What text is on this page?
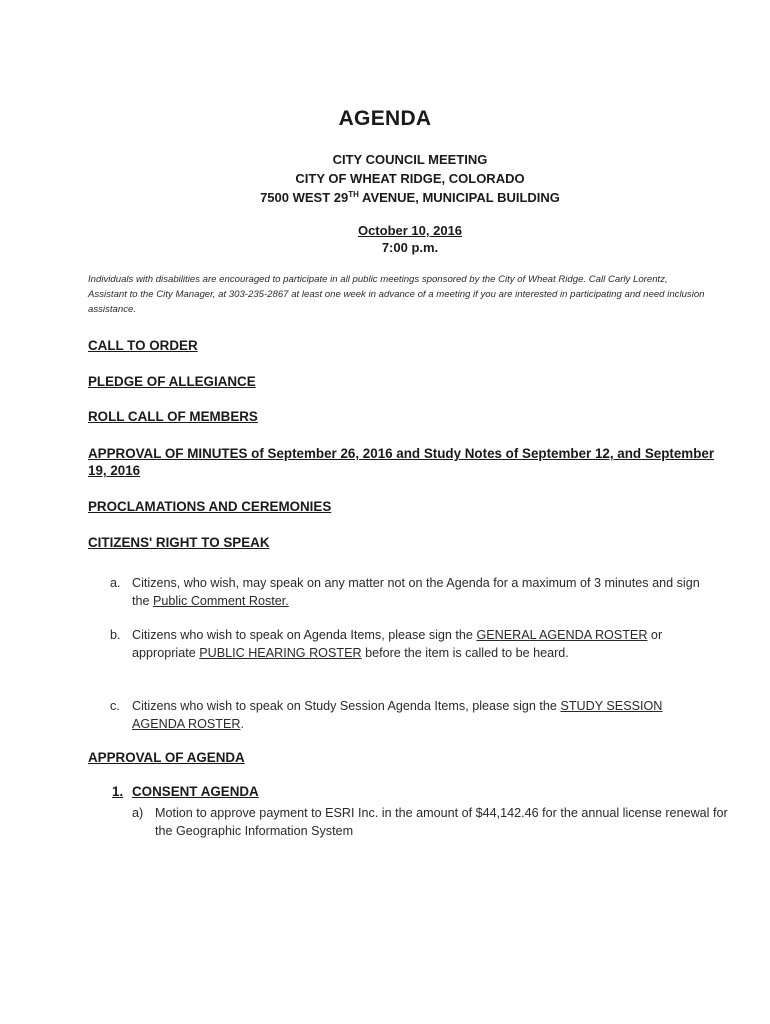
AGENDA
CITY COUNCIL MEETING
CITY OF WHEAT RIDGE, COLORADO
7500 WEST 29TH AVENUE, MUNICIPAL BUILDING
October 10, 2016
7:00 p.m.
Individuals with disabilities are encouraged to participate in all public meetings sponsored by the City of Wheat Ridge. Call Carly Lorentz, Assistant to the City Manager, at 303-235-2867 at least one week in advance of a meeting if you are interested in participating and need inclusion assistance.
CALL TO ORDER
PLEDGE OF ALLEGIANCE
ROLL CALL OF MEMBERS
APPROVAL OF MINUTES of September 26, 2016 and Study Notes of September 12, and September 19, 2016
PROCLAMATIONS AND CEREMONIES
CITIZENS' RIGHT TO SPEAK
a. Citizens, who wish, may speak on any matter not on the Agenda for a maximum of 3 minutes and sign the Public Comment Roster.
b. Citizens who wish to speak on Agenda Items, please sign the GENERAL AGENDA ROSTER or appropriate PUBLIC HEARING ROSTER before the item is called to be heard.
c. Citizens who wish to speak on Study Session Agenda Items, please sign the STUDY SESSION AGENDA ROSTER.
APPROVAL OF AGENDA
1. CONSENT AGENDA
a) Motion to approve payment to ESRI Inc. in the amount of $44,142.46 for the annual license renewal for the Geographic Information System
